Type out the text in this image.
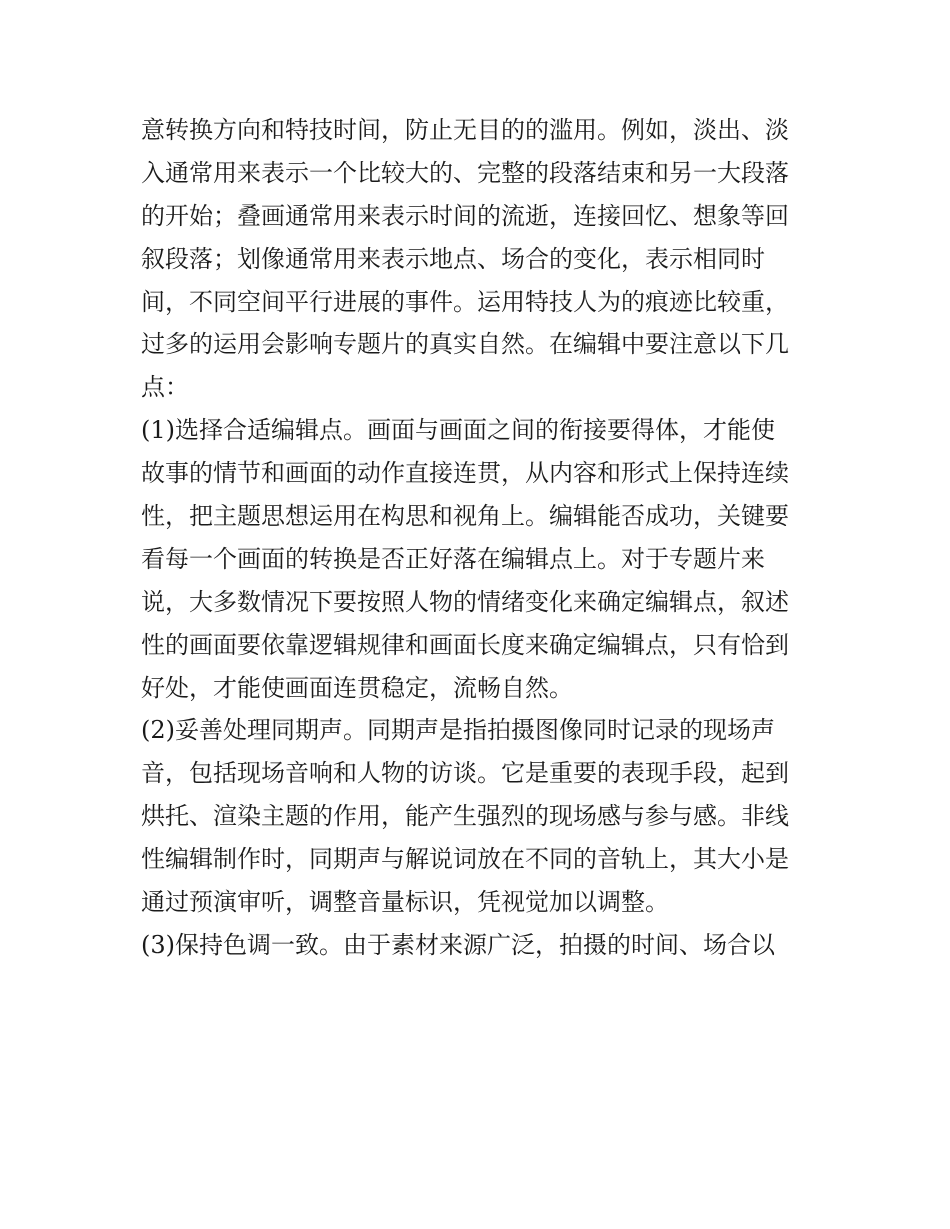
意转换方向和特技时间，防止无目的的滥用。例如，淡出、淡
入通常用来表示一个比较大的、完整的段落结束和另一大段落
的开始；叠画通常用来表示时间的流逝，连接回忆、想象等回
叙段落；划像通常用来表示地点、场合的变化，表示相同时
间，不同空间平行进展的事件。运用特技人为的痕迹比较重，
过多的运用会影响专题片的真实自然。在编辑中要注意以下几
点：
(1)选择合适编辑点。画面与画面之间的衔接要得体，才能使
故事的情节和画面的动作直接连贯，从内容和形式上保持连续
性，把主题思想运用在构思和视角上。编辑能否成功，关键要
看每一个画面的转换是否正好落在编辑点上。对于专题片来
说，大多数情况下要按照人物的情绪变化来确定编辑点，叙述
性的画面要依靠逻辑规律和画面长度来确定编辑点，只有恰到
好处，才能使画面连贯稳定，流畅自然。
(2)妥善处理同期声。同期声是指拍摄图像同时记录的现场声
音，包括现场音响和人物的访谈。它是重要的表现手段，起到
烘托、渲染主题的作用，能产生强烈的现场感与参与感。非线
性编辑制作时，同期声与解说词放在不同的音轨上，其大小是
通过预演审听，调整音量标识，凭视觉加以调整。
(3)保持色调一致。由于素材来源广泛，拍摄的时间、场合以
